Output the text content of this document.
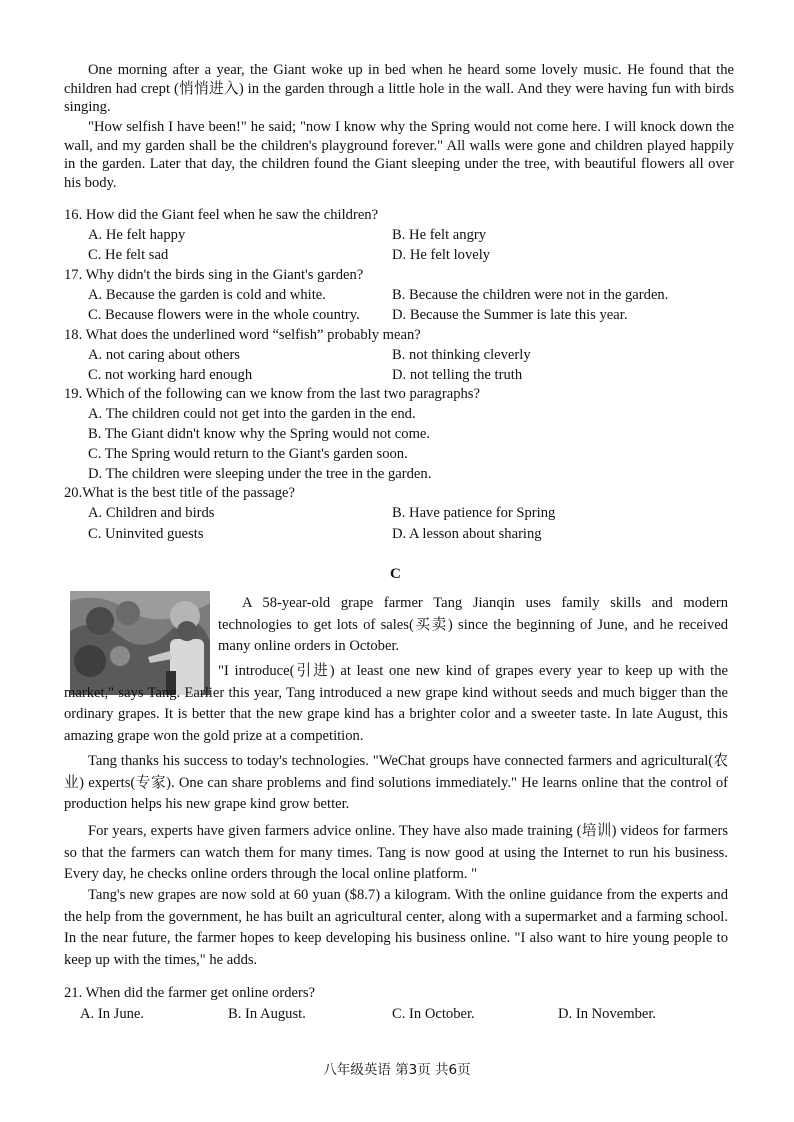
One morning after a year, the Giant woke up in bed when he heard some lovely music. He found that the children had crept (悄悄进入) in the garden through a little hole in the wall. And they were having fun with birds singing.

"How selfish I have been!" he said; "now I know why the Spring would not come here. I will knock down the wall, and my garden shall be the children's playground forever." All walls were gone and children played happily in the garden. Later that day, the children found the Giant sleeping under the tree, with beautiful flowers all over his body.

16. How did the Giant feel when he saw the children?

A. He felt happy	B. He felt angry

C. He felt sad	D. He felt lovely

17. Why didn't the birds sing in the Giant's garden?

A. Because the garden is cold and white.	B. Because the children were not in the garden.

C. Because flowers were in the whole country. D. Because the Summer is late this year.

18. What does the underlined word “selfish” probably mean?

A. not caring about others	B. not thinking cleverly

C. not working hard enough	D. not telling the truth

19. Which of the following can we know from the last two paragraphs?

A. The children could not get into the garden in the end.

B. The Giant didn't know why the Spring would not come.

C. The Spring would return to the Giant's garden soon.

D. The children were sleeping under the tree in the garden.

20.What is the best title of the passage?

A. Children and birds	B. Have patience for Spring

C. Uninvited guests	D. A lesson about sharing

C

A 58-year-old grape farmer Tang Jianqin uses family skills and modern technologies to get lots of sales(买卖) since the beginning of June, and he received many online orders in October.

"I introduce(引进) at least one new kind of grapes every year to keep up with the market," says Tang. Earlier this year, Tang introduced a new grape kind without seeds and much bigger than the ordinary grapes. It is better that the new grape kind has a brighter color and a sweeter taste. In late August, this amazing grape won the gold prize at a competition.

Tang thanks his success to today's technologies. "WeChat groups have connected farmers and agricultural(农业) experts(专家). One can share problems and find solutions immediately." He learns online that the control of production helps his new grape kind grow better.

For years, experts have given farmers advice online. They have also made training (培训) videos for farmers so that the farmers can watch them for many times. Tang is now good at using the Internet to run his business. Every day, he checks online orders through the local online platform. "

Tang's new grapes are now sold at 60 yuan ($8.7) a kilogram. With the online guidance from the experts and the help from the government, he has built an agricultural center, along with a supermarket and a farming school. In the near future, the farmer hopes to keep developing his business online. "I also want to hire young people to keep up with the times," he adds.

21. When did the farmer get online orders?

A. In June.	B. In August.	C. In October.	D. In November.

八年级英语 第3页 共6页
